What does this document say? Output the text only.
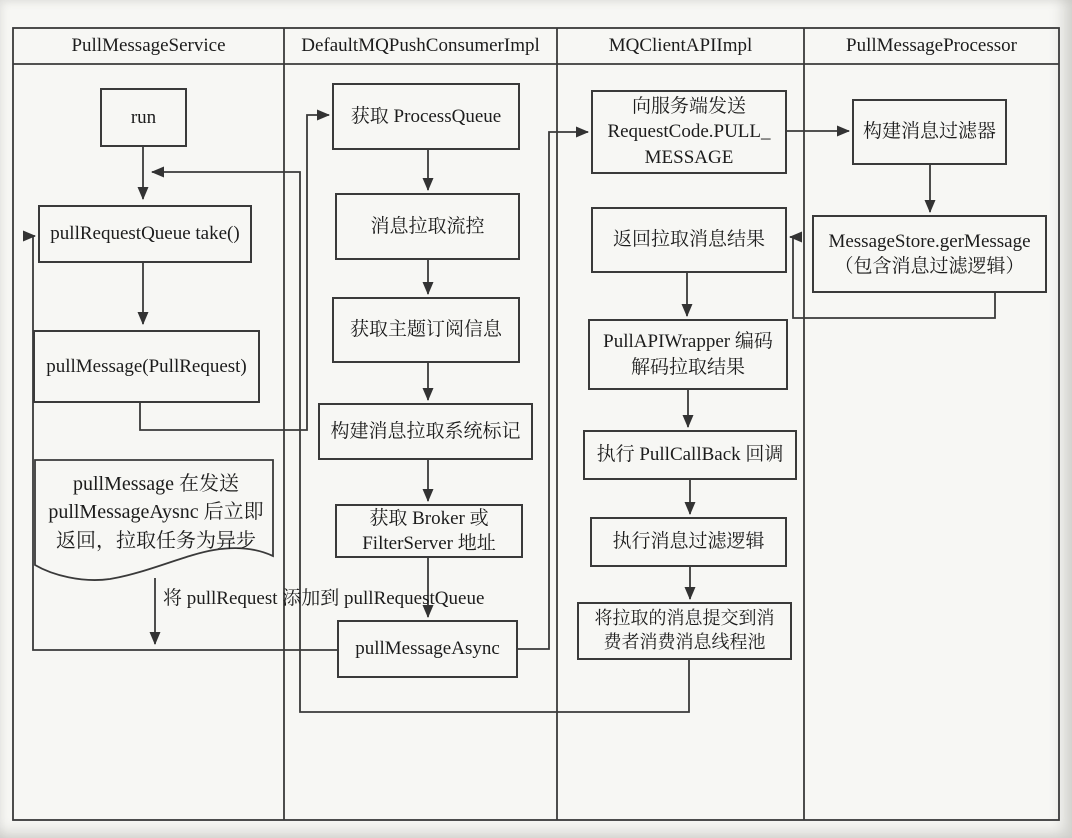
PullMessageService	DefaultMQPushConsumerImpl	MQClientAPIImpl	PullMessageProcessor
run
pullRequestQueue take()
pullMessage(PullRequest)
pullMessage 在发送
pullMessageAysnc 后立即
返回，拉取任务为异步
将 pullRequest 添加到 pullRequestQueue
获取 ProcessQueue
消息拉取流控
获取主题订阅信息
构建消息拉取系统标记
获取 Broker 或
FilterServer 地址
pullMessageAsync
向服务端发送
RequestCode.PULL_
MESSAGE
返回拉取消息结果
PullAPIWrapper 编码
解码拉取结果
执行 PullCallBack 回调
执行消息过滤逻辑
将拉取的消息提交到消
费者消费消息线程池
构建消息过滤器
MessageStore.gerMessage
（包含消息过滤逻辑）
